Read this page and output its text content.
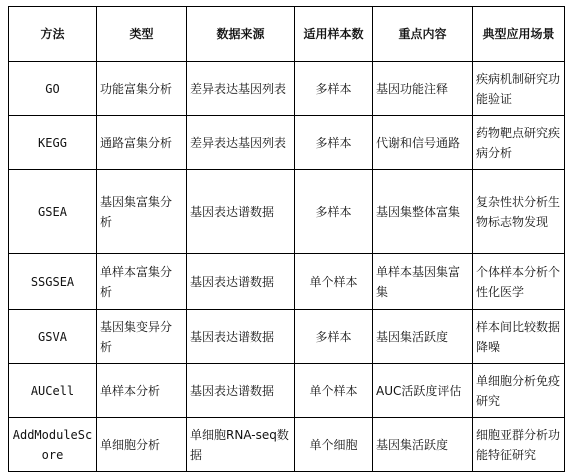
方法	类型	数据来源	适用样本数	重点内容	典型应用场景
GO	功能富集分析	差异表达基因列表	多样本	基因功能注释	疾病机制研究功能验证
KEGG	通路富集分析	差异表达基因列表	多样本	代谢和信号通路	药物靶点研究疾病分析
GSEA	基因集富集分析	基因表达谱数据	多样本	基因集整体富集	复杂性状分析生物标志物发现
SSGSEA	单样本富集分析	基因表达谱数据	单个样本	单样本基因集富集	个体样本分析个性化医学
GSVA	基因集变异分析	基因表达谱数据	多样本	基因集活跃度	样本间比较数据降噪
AUCell	单样本分析	基因表达谱数据	单个样本	AUC活跃度评估	单细胞分析免疫研究
AddModuleScore	单细胞分析	单细胞RNA-seq数据	单个细胞	基因集活跃度	细胞亚群分析功能特征研究
